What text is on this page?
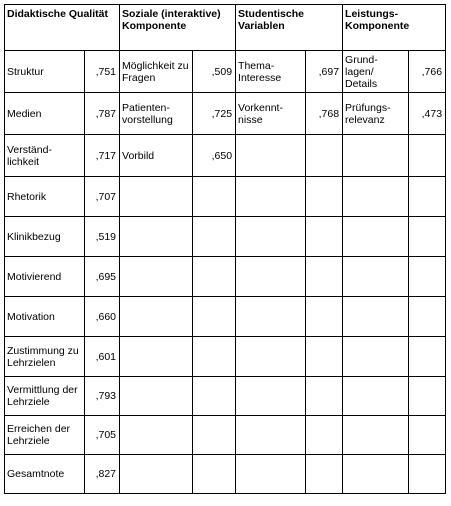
Didaktische Qualität		Soziale (interaktive) Komponente		Studentische Variablen		Leistungs-Komponente	
Struktur	,751	Möglichkeit zu Fragen	,509	Thema-Interesse	,697	Grund-lagen/ Details	,766
Medien	,787	Patienten-vorstellung	,725	Vorkennt-nisse	,768	Prüfungs-relevanz	,473
Verständ-lichkeit	,717	Vorbild	,650				
Rhetorik	,707						
Klinikbezug	,519						
Motivierend	,695						
Motivation	,660						
Zustimmung zu Lehrzielen	,601						
Vermittlung der Lehrziele	,793						
Erreichen der Lehrziele	,705						
Gesamtnote	,827						
